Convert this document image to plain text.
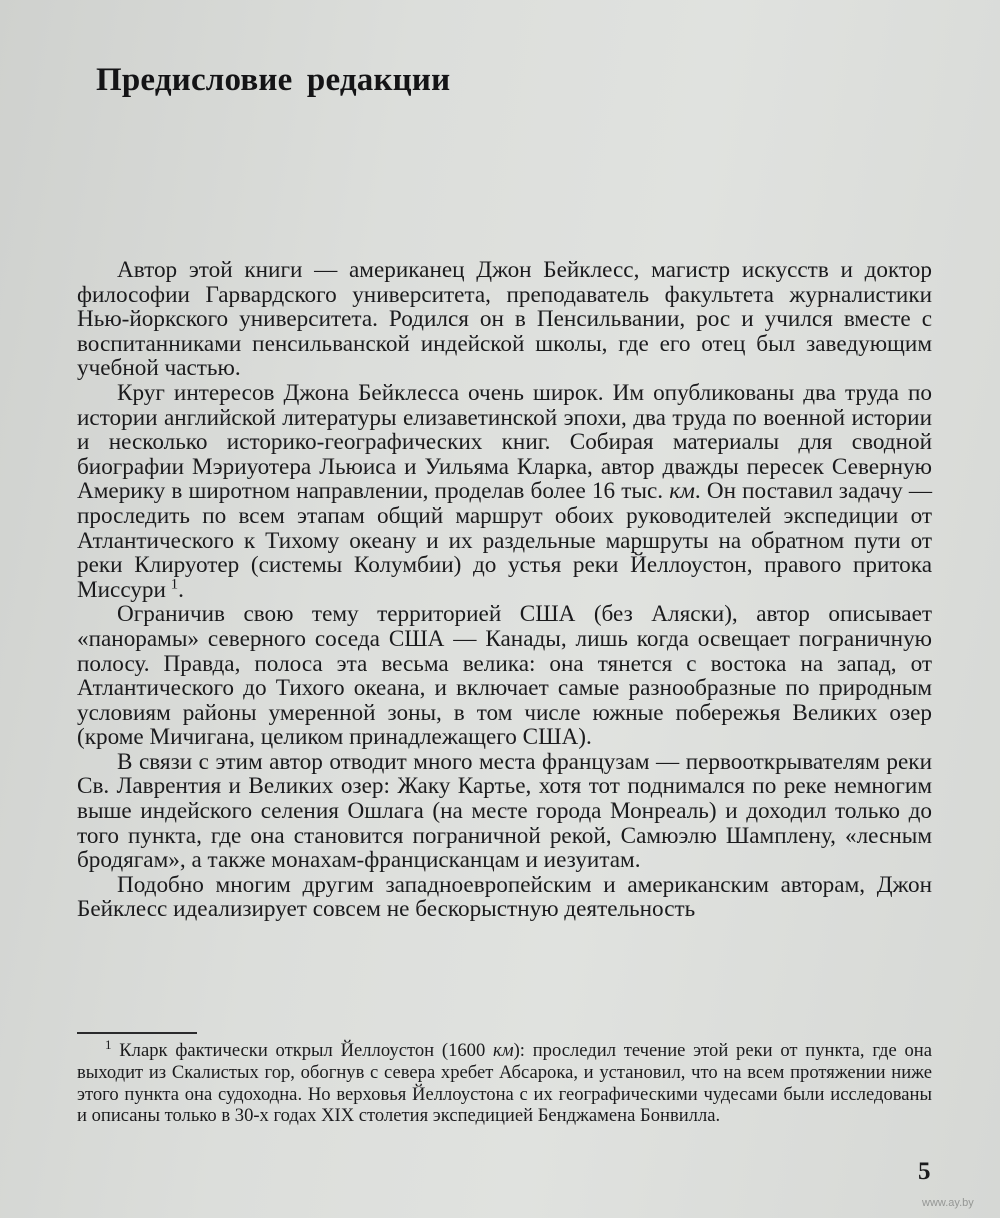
Предисловие редакции

Автор этой книги — американец Джон Бейклесс, магистр искусств и доктор философии Гарвардского университета, преподаватель факультета журналистики Нью-йоркского университета. Родился он в Пенсильвании, рос и учился вместе с воспитанниками пенсильванской индейской школы, где его отец был заведующим учебной частью.

Круг интересов Джона Бейклесса очень широк. Им опубликованы два труда по истории английской литературы елизаветинской эпохи, два труда по военной истории и несколько историко-географических книг. Собирая материалы для сводной биографии Мэриуотера Льюиса и Уильяма Кларка, автор дважды пересек Северную Америку в широтном направлении, проделав более 16 тыс. км. Он поставил задачу — проследить по всем этапам общий маршрут обоих руководителей экспедиции от Атлантического к Тихому океану и их раздельные маршруты на обратном пути от реки Клируотер (системы Колумбии) до устья реки Йеллоустон, правого притока Миссури  $^1$.

Ограничив свою тему территорией США (без Аляски), автор описывает «панорамы» северного соседа США — Канады, лишь когда освещает пограничную полосу. Правда, полоса эта весьма велика: она тянется с востока на запад, от Атлантического до Тихого океана, и включает самые разнообразные по природным условиям районы умеренной зоны, в том числе южные побережья Великих озер (кроме Мичигана, целиком принадлежащего США).

В связи с этим автор отводит много места французам — первооткрывателям реки Св. Лаврентия и Великих озер: Жаку Картье, хотя тот поднимался по реке немногим выше индейского селения Ошлага (на месте города Монреаль) и доходил только до того пункта, где она становится пограничной рекой, Самюэлю Шамплену, «лесным бродягам», а также монахам-францисканцам и иезуитам.

Подобно многим другим западноевропейским и американским авторам, Джон Бейклесс идеализирует совсем не бескорыстную деятельность

$^1$ Кларк фактически открыл Йеллоустон (1600 км): проследил течение этой реки от пункта, где она выходит из Скалистых гор, обогнув с севера хребет Абсарока, и установил, что на всем протяжении ниже этого пункта она судоходна. Но верховья Йеллоустона с их географическими чудесами были исследованы и описаны только в 30-х годах XIX столетия экспедицией Бенджамена Бонвилла.

5
www.ay.by
